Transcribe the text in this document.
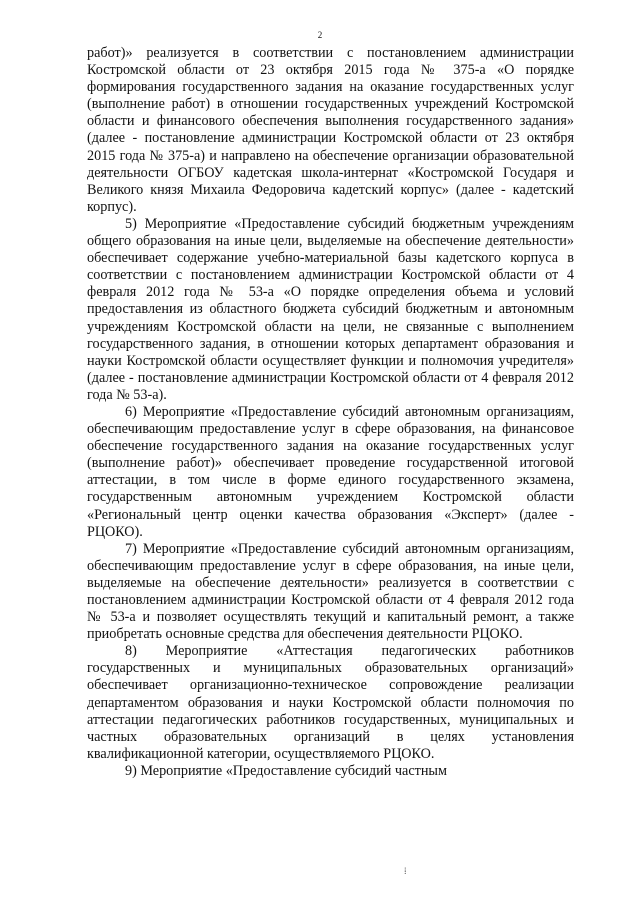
2

работ)» реализуется в соответствии с постановлением администрации Костромской области от 23 октября 2015 года № 375-а «О порядке формирования государственного задания на оказание государственных услуг (выполнение работ) в отношении государственных учреждений Костромской области и финансового обеспечения выполнения государственного задания» (далее - постановление администрации Костромской области от 23 октября 2015 года № 375-а) и направлено на обеспечение организации образовательной деятельности ОГБОУ кадетская школа-интернат «Костромской Государя и Великого князя Михаила Федоровича кадетский корпус» (далее - кадетский корпус).

5) Мероприятие «Предоставление субсидий бюджетным учреждениям общего образования на иные цели, выделяемые на обеспечение деятельности» обеспечивает содержание учебно-материальной базы кадетского корпуса в соответствии с постановлением администрации Костромской области от 4 февраля 2012 года № 53-а «О порядке определения объема и условий предоставления из областного бюджета субсидий бюджетным и автономным учреждениям Костромской области на цели, не связанные с выполнением государственного задания, в отношении которых департамент образования и науки Костромской области осуществляет функции и полномочия учредителя» (далее - постановление администрации Костромской области от 4 февраля 2012 года № 53-а).

6) Мероприятие «Предоставление субсидий автономным организациям, обеспечивающим предоставление услуг в сфере образования, на финансовое обеспечение государственного задания на оказание государственных услуг (выполнение работ)» обеспечивает проведение государственной итоговой аттестации, в том числе в форме единого государственного экзамена, государственным автономным учреждением Костромской области «Региональный центр оценки качества образования «Эксперт» (далее - РЦОКО).

7) Мероприятие «Предоставление субсидий автономным организациям, обеспечивающим предоставление услуг в сфере образования, на иные цели, выделяемые на обеспечение деятельности» реализуется в соответствии с постановлением администрации Костромской области от 4 февраля 2012 года № 53-а и позволяет осуществлять текущий и капитальный ремонт, а также приобретать основные средства для обеспечения деятельности РЦОКО.

8) Мероприятие «Аттестация педагогических работников государственных и муниципальных образовательных организаций» обеспечивает организационно-техническое сопровождение реализации департаментом образования и науки Костромской области полномочия по аттестации педагогических работников государственных, муниципальных и частных образовательных организаций в целях установления квалификационной категории, осуществляемого РЦОКО.

9) Мероприятие «Предоставление субсидий частным

⁞
